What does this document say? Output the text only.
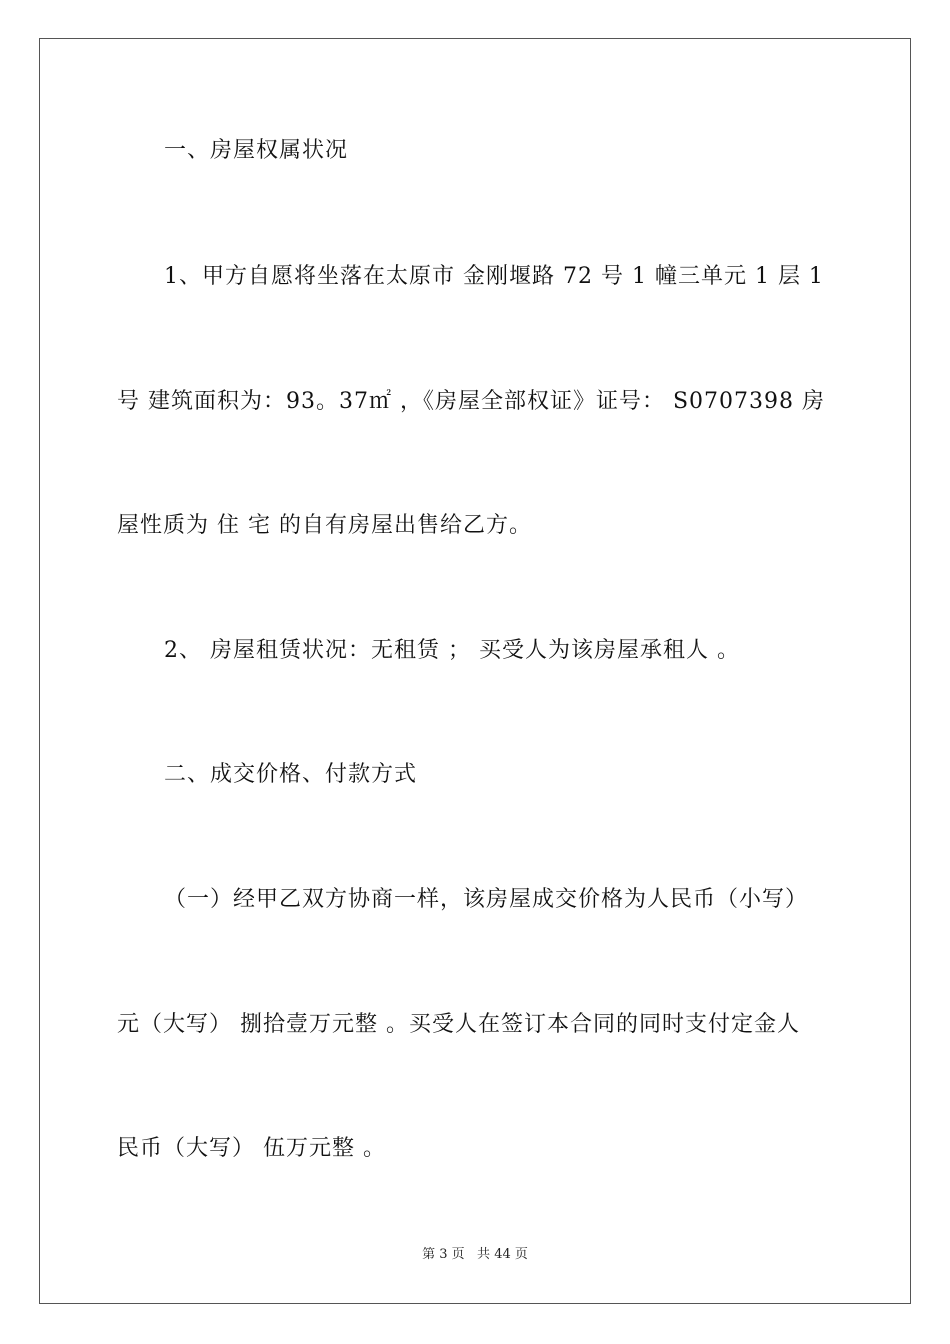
一、房屋权属状况
1、甲方自愿将坐落在太原市 金刚堰路 72 号 1 幢三单元 1 层 1
号 建筑面积为：93。37㎡ ，《房屋全部权证》证号： S0707398 房
屋性质为 住 宅 的自有房屋出售给乙方。
2、 房屋租赁状况：无租赁 ； 买受人为该房屋承租人 。
二、成交价格、付款方式
（一）经甲乙双方协商一样，该房屋成交价格为人民币（小写）
元（大写） 捌拾壹万元整 。买受人在签订本合同的同时支付定金人
民币（大写） 伍万元整 。
第 3 页   共 44 页
